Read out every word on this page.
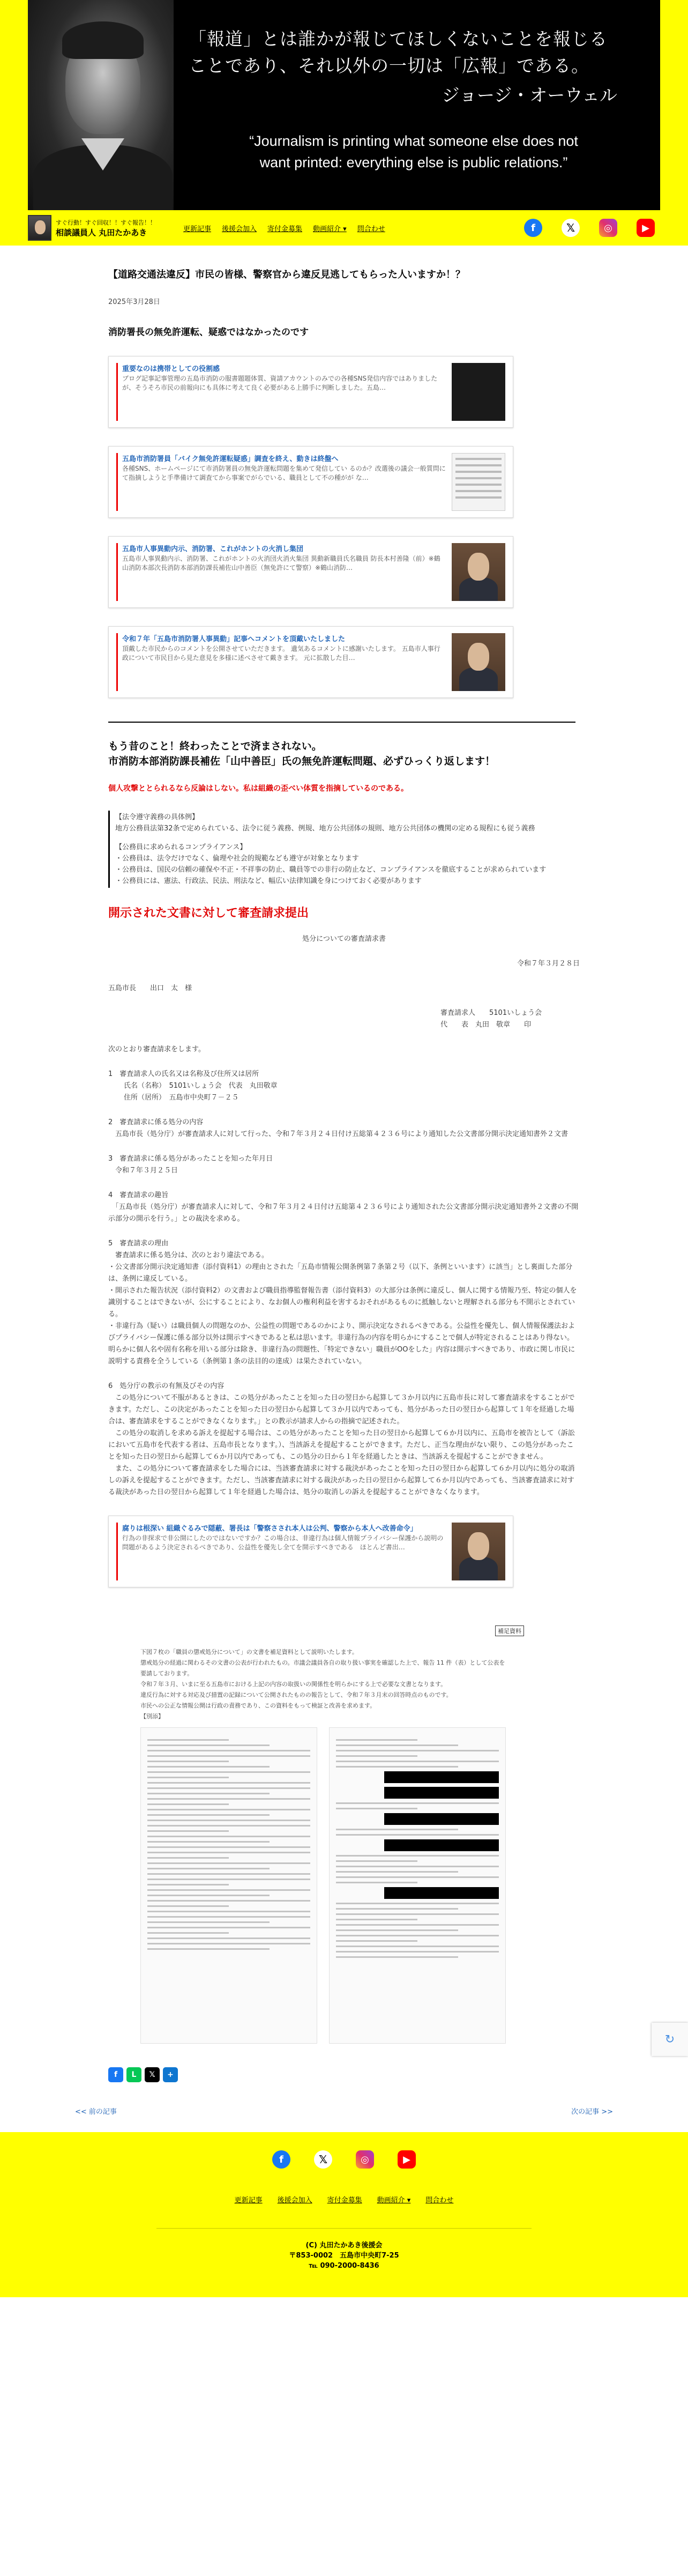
「報道」とは誰かが報じてほしくないことを報じる
ことであり、それ以外の一切は「広報」である。
ジョージ・オーウェル
“Journalism is printing what someone else does not
want printed: everything else is public relations.”
すぐ行動！すぐ回収！！すぐ報告！！
相談議員人 丸田たかあき	更新記事 後援会加入 寄付金募集 動画紹介 ▾ 問合わせ	f	𝕏	◎	▶
【道路交通法違反】市民の皆様、警察官から違反見逃してもらった人いますか！？
2025年3月28日
消防署長の無免許運転、疑惑ではなかったのです
重要なのは携帯としての役割感
ブログ記事記事管理の五島市消防の服書題題体質、資請アカウントのみでの各種SNS発信内容ではありましたが、そうそろ市民の前報向にも具体に考えて良く必要がある上勝手に判断しました。五島…
五島市消防署員「バイク無免許運転疑惑」調査を終え、動きは終盤へ
各種SNS、ホームページにて市消防署員の無免許運転問題を集めて発信してい るのか？改選後の議会一般質問にて指摘しようと手準備けて調査てから事案でがらでいる、職員として不の種がが な…
五島市人事異動内示、消防署、これがホントの火消し集団
五島市人事異動内示、消防署、これがホントの火消団火消火集団 異動新職員氏名職員 防長本村善隆（前）※鶴山消防本部次長消防本部消防課長補佐山中善臣（無免許にて警察）※鶴山消防…
令和７年「五島市消防署人事異動」記事へコメントを頂戴いたしました
頂戴した市民からのコメントを公開させていただきます。 遺気あるコメントに感謝いたします。 五島市人事行政について市民目から見た意見を多様に述べさせて戴きます。 元に拡散した目…
もう昔のこと！終わったことで済まされない。
市消防本部消防課長補佐「山中善臣」氏の無免許運転問題、必ずひっくり返します！
個人攻撃ととられるなら反論はしない。私は組織の歪べい体質を指摘しているのである。

【法令遵守義務の具体例】
地方公務員法第32条で定められている、法令に従う義務、例規、地方公共団体の規則、地方公共団体の機関の定める規程にも従う義務

【公務員に求められるコンプライアンス】
・公務員は、法令だけでなく、倫理や社会的規範なども遵守が対象となります
・公務員は、国民の信頼の確保や不正・不祥事の防止、職員等での非行の防止など、コンプライアンスを徹底することが求められています
・公務員には、憲法、行政法、民法、刑法など、幅広い法律知識を身につけておく必要があります

開示された文書に対して審査請求提出
処分についての審査請求書
令和７年３月２８日
五島市長　　出口　太　様
審査請求人　　5101いしょう会
代　　表　丸田　敬章　　印
次のとおり審査請求をします。
1　審査請求人の氏名又は名称及び住所又は居所
　氏名（名称）　5101いしょう会　代表　丸田敬章
　住所（居所）　五島市中央町７－２５
2　審査請求に係る処分の内容
　五島市長（処分庁）が審査請求人に対して行った、令和７年３月２４日付け五総第４２３６号により通知した公文書部分開示決定通知書外２文書
3　審査請求に係る処分があったことを知った年月日
　令和７年３月２５日
4　審査請求の趣旨
　「五島市長（処分庁）が審査請求人に対して、令和７年３月２４日付け五総第４２３６号により通知された公文書部分開示決定通知書外２文書の不開示部分の開示を行う。」との裁決を求める。
5　審査請求の理由
　審査請求に係る処分は、次のとおり違法である。
・公文書部分開示決定通知書（添付資料1）の理由とされた「五島市情報公開条例第７条第２号（以下、条例といいます）に該当」とし裏面した部分は、条例に違反している。
・開示された報告状況（添付資料2）の文書および職員指導監督報告書（添付資料3）の大部分は条例に違反し、個人に関する情報乃至、特定の個人を識別することはできないが、公にすることにより、なお個人の権利利益を害するおそれがあるものに抵触しないと理解される部分も不開示とされている。
・非違行為（疑い）は職員個人の問題なのか、公益性の問題であるのかにより、開示決定なされるべきである。公益性を優先し、個人情報保護法およびプライバシー保護に係る部分以外は開示すべきであると私は思います。非違行為の内容を明らかにすることで個人が特定されることはあり得ない。明らかに個人名や固有名称を用いる部分は除き、非違行為の問題性、「特定できない」職員がOOをした」内容は開示すべきであり、市政に関し市民に説明する責務を全うしている（条例第１条の法目的の達成）は果たされていない。
6　処分庁の教示の有無及びその内容
　この処分について不服があるときは、この処分があったことを知った日の翌日から起算して３か月以内に五島市長に対して審査請求をすることができます。ただし、この決定があったことを知った日の翌日から起算して３か月以内であっても、処分があった日の翌日から起算して１年を経過した場合は、審査請求をすることができなくなります。」との教示が請求人からの指摘で記述された。
　この処分の取消しを求める訴えを提起する場合は、この処分があったことを知った日の翌日から起算して６か月以内に、五島市を被告として（訴訟において五島市を代表する者は、五島市長となります。）、当該訴えを提起することができます。ただし、正当な理由がない限り、この処分があったことを知った日の翌日から起算して６か月以内であっても、この処分の日から１年を経過したときは、当該訴えを提起することができません。
　また、この処分について審査請求をした場合には、当該審査請求に対する裁決があったことを知った日の翌日から起算して６か月以内に処分の取消しの訴えを提起することができます。ただし、当該審査請求に対する裁決があった日の翌日から起算して６か月以内であっても、当該審査請求に対する裁決があった日の翌日から起算して１年を経過した場合は、処分の取消しの訴えを提起することができなくなります。
腐りは根深い 組織ぐるみで隠蔽、署長は「警察さされ本人は公判、警察から本人へ改善命令」
行為の非探求で非公開にしたのではないですか？この場合は、非違行為は個人情報プライバシー保護から説明の問題があるよう決定されるべきであり、公益性を優先し全てを開示すべきである　ほとんど書出…
補足資料
下図７枚の「職員の懲戒処分について」の文書を補足資料として説明いたします。
懲戒処分の経過に関わるその文書の公表が行われたもの。市議会議員各自の取り扱い事実を確認した上で、報告 11 件（表）として公表を要請しております。
令和７年３月、いまに至る五島市における上記の内容の取扱いの関係性を明らかにする上で必要な文書となります。
違反行為に対する対応及び措置の記録について公開されたものの報告として、令和７年３月末の回答時点のものです。
市民への公正な情報公開は行政の責務であり、この資料をもって検証と改善を求めます。
【別添】
f	L	𝕏	+
<< 前の記事	次の記事 >>
f	𝕏	◎	▶
更新記事 後援会加入 寄付金募集 動画紹介 ▾ 問合わせ
(C) 丸田たかあき後援会
〒853-0002　五島市中央町7-25
℡ 090-2000-8436
↻
